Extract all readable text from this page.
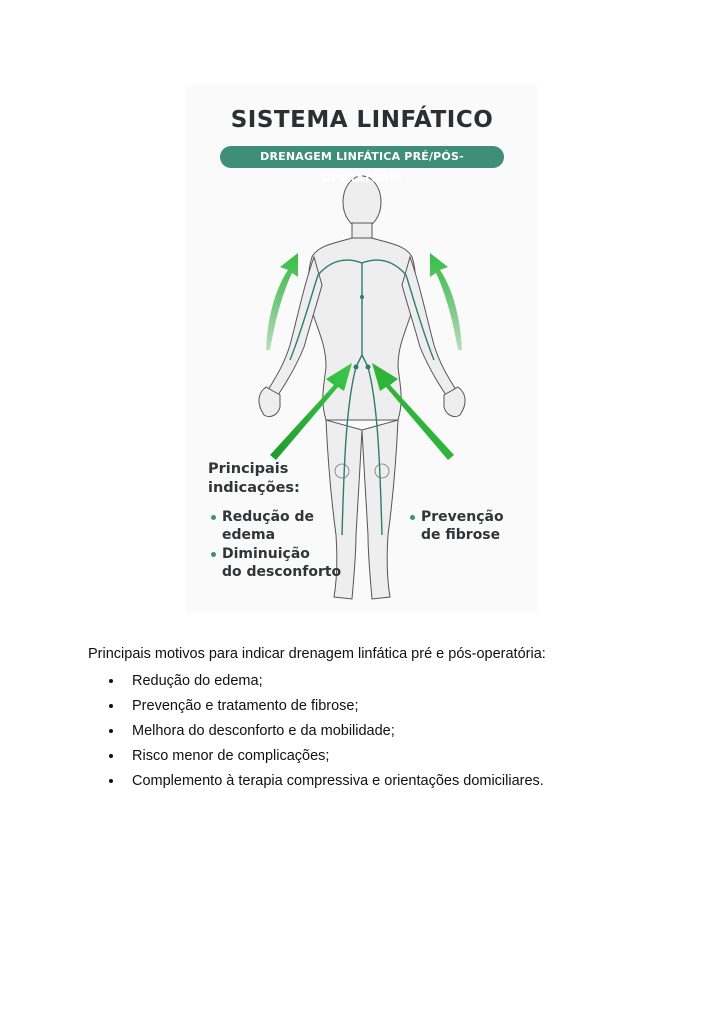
SISTEMA LINFÁTICO
DRENAGEM LINFÁTICA PRÉ/PÓS-OPERATÓRIA
Principais indicações:
Redução de
edema
Diminuição
do desconforto
Prevenção
de fibrose
Principais motivos para indicar drenagem linfática pré e pós-operatória:
Redução do edema;
Prevenção e tratamento de fibrose;
Melhora do desconforto e da mobilidade;
Risco menor de complicações;
Complemento à terapia compressiva e orientações domiciliares.
